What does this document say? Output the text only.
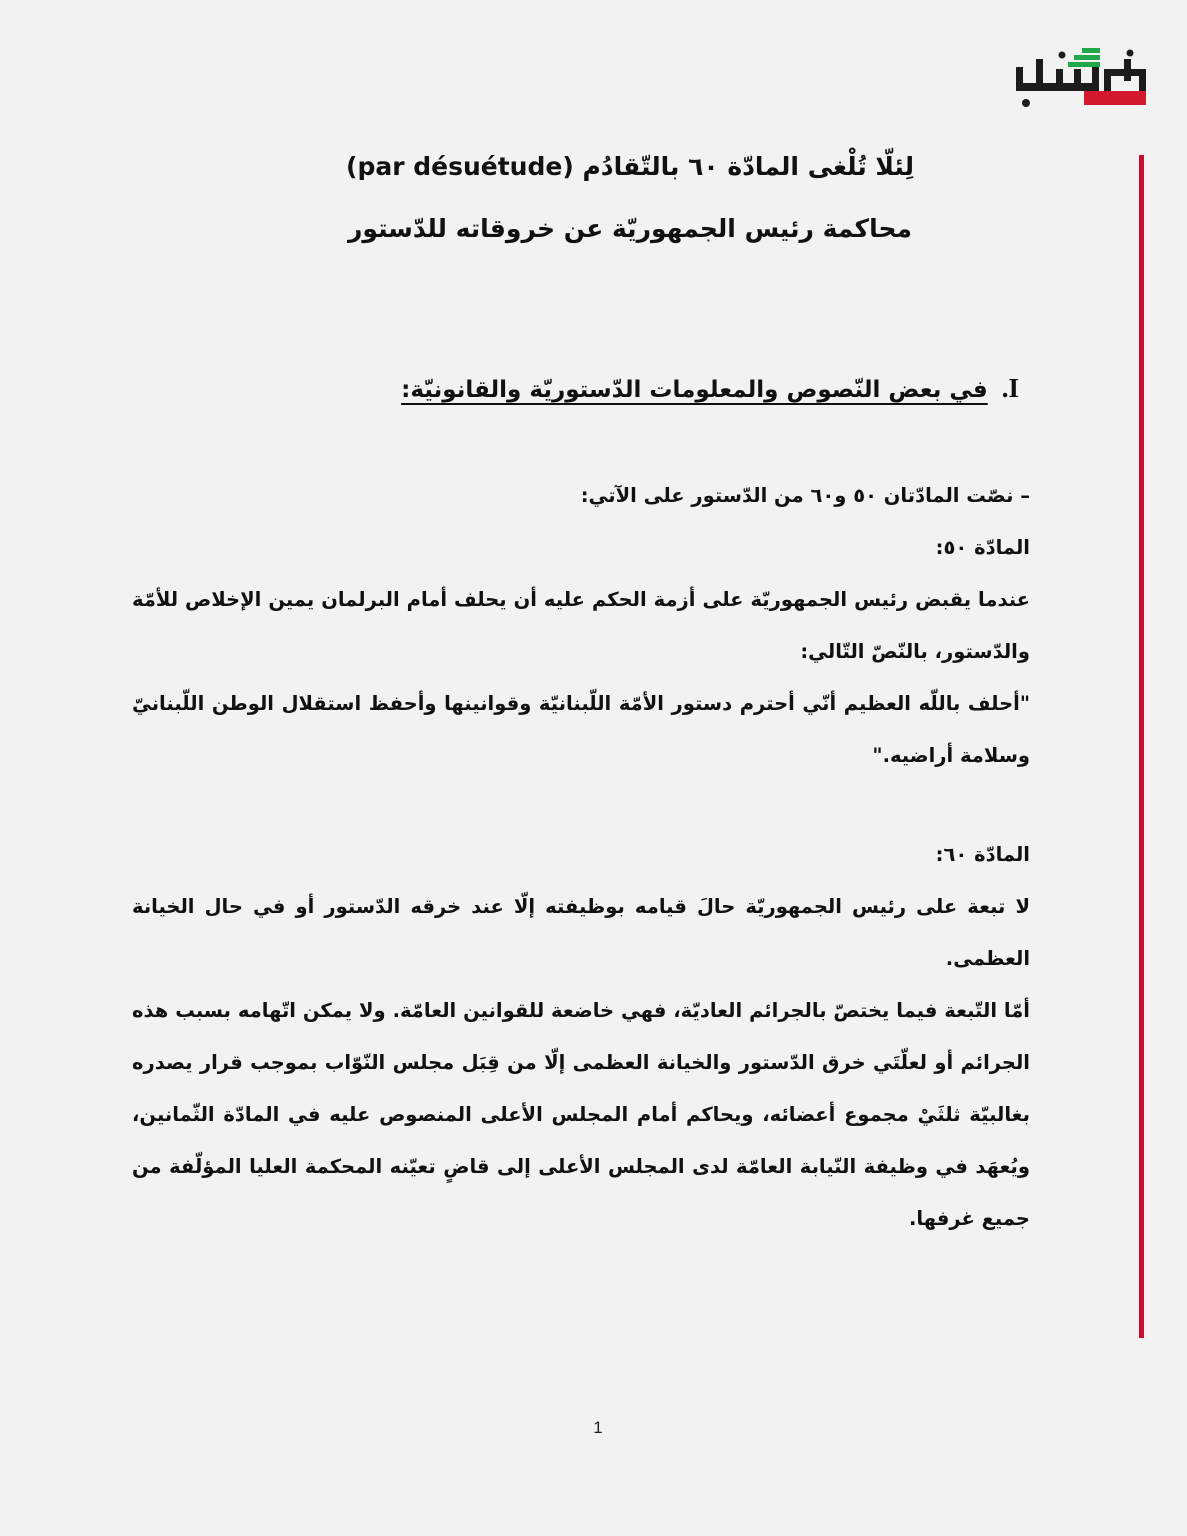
لِئلّا تُلْغى المادّة ٦٠ بالتّقادُم (par désuétude)
محاكمة رئيس الجمهوريّة عن خروقاته للدّستور
I.
في بعض النّصوص والمعلومات الدّستوريّة والقانونيّة:

– نصّت المادّتان ٥٠ و٦٠ من الدّستور على الآتي:

المادّة ٥٠:

عندما يقبض رئيس الجمهوريّة على أزمة الحكم عليه أن يحلف أمام البرلمان يمين الإخلاص للأمّة والدّستور، بالنّصّ التّالي:

"أحلف باللّه العظيم أنّي أحترم دستور الأمّة اللّبنانيّة وقوانينها وأحفظ استقلال الوطن اللّبنانيّ وسلامة أراضيه."

المادّة ٦٠:

لا تبعة على رئيس الجمهوريّة حالَ قيامه بوظيفته إلّا عند خرقه الدّستور أو في حال الخيانة العظمى.

أمّا التّبعة فيما يختصّ بالجرائم العاديّة، فهي خاضعة للقوانين العامّة. ولا يمكن اتّهامه بسبب هذه الجرائم أو لعلّتَي خرق الدّستور والخيانة العظمى إلّا من قِبَل مجلس النّوّاب بموجب قرار يصدره بغالبيّة ثلثَيْ مجموع أعضائه، ويحاكم أمام المجلس الأعلى المنصوص عليه في المادّة الثّمانين، ويُعهَد في وظيفة النّيابة العامّة لدى المجلس الأعلى إلى قاضٍ تعيّنه المحكمة العليا المؤلّفة من جميع غرفها.

1
